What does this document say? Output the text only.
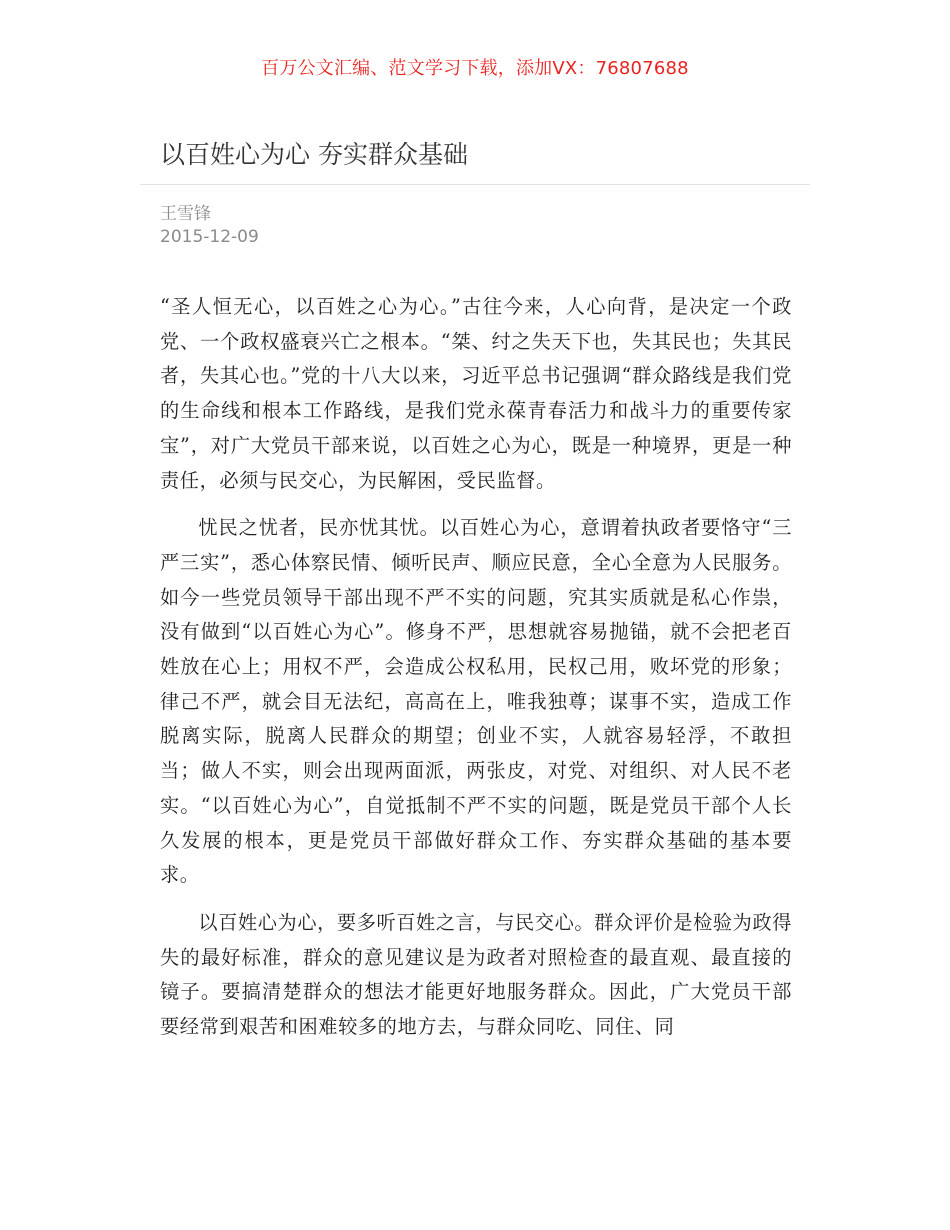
百万公文汇编、范文学习下载，添加VX：76807688
以百姓心为心 夯实群众基础
王雪锋
2015-12-09

“圣人恒无心，以百姓之心为心。”古往今来，人心向背，是决定一个政党、一个政权盛衰兴亡之根本。“桀、纣之失天下也，失其民也；失其民者，失其心也。”党的十八大以来，习近平总书记强调“群众路线是我们党的生命线和根本工作路线，是我们党永葆青春活力和战斗力的重要传家宝”，对广大党员干部来说，以百姓之心为心，既是一种境界，更是一种责任，必须与民交心，为民解困，受民监督。

忧民之忧者，民亦忧其忧。以百姓心为心，意谓着执政者要恪守“三严三实”，悉心体察民情、倾听民声、顺应民意，全心全意为人民服务。如今一些党员领导干部出现不严不实的问题，究其实质就是私心作祟，没有做到“以百姓心为心”。修身不严，思想就容易抛锚，就不会把老百姓放在心上；用权不严，会造成公权私用，民权己用，败坏党的形象；律己不严，就会目无法纪，高高在上，唯我独尊；谋事不实，造成工作脱离实际，脱离人民群众的期望；创业不实，人就容易轻浮，不敢担当；做人不实，则会出现两面派，两张皮，对党、对组织、对人民不老实。“以百姓心为心”，自觉抵制不严不实的问题，既是党员干部个人长久发展的根本，更是党员干部做好群众工作、夯实群众基础的基本要求。

以百姓心为心，要多听百姓之言，与民交心。群众评价是检验为政得失的最好标准，群众的意见建议是为政者对照检查的最直观、最直接的镜子。要搞清楚群众的想法才能更好地服务群众。因此，广大党员干部要经常到艰苦和困难较多的地方去，与群众同吃、同住、同
